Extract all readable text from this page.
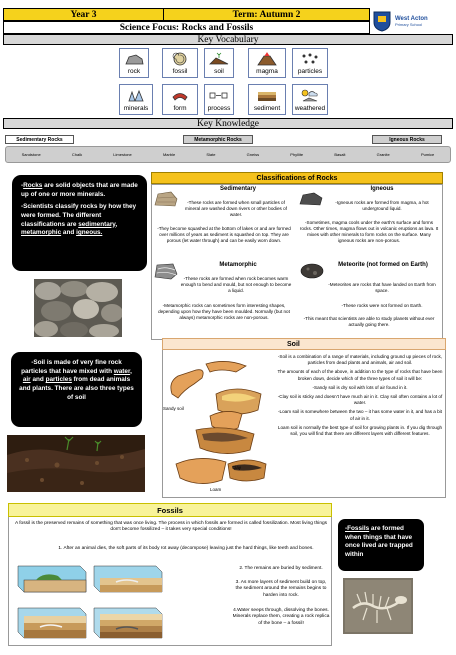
Year 3	Term: Autumn 2
Science Focus: Rocks and Fossils
West Acton
Primary School
Key Vocabulary
rock	fossil	soil	magma	particles
minerals	form	process	sediment weathered
Key Knowledge
Sedimentary Rocks	Metamorphic Rocks	Igneous Rocks
Sandstone	Chalk	Limestone	Marble	Slate	Gneiss	Phyllite	Basalt	Granite	Pumice

-Rocks are solid objects that are made up of one or more minerals.

-Scientists classify rocks by how they were formed. The different classifications are sedimentary, metamorphic and igneous.

Classifications of Rocks
Sedimentary
-These rocks are formed when small particles of mineral are washed down rivers or other bodies of water.
-They become squashed at the bottom of lakes or and are formed over millions of years as sediment is squashed on top. They are porous (let water through) and can be easily worn down.
Igneous
-Igneous rocks are formed from magma, a hot underground liquid.
-Sometimes, magma cools under the earth's surface and forms rocks. Other times, magma flows out in volcanic eruptions as lava. It mixes with other minerals to form rocks on the surface. Many igneous rocks are non-porous.
Metamorphic
-These rocks are formed when rock becomes warm enough to bend and mould, but not enough to become a liquid.
-Metamorphic rocks can sometimes form interesting shapes, depending upon how they have been moulded. Normally (but not always) metamorphic rocks are non-porous.
Meteorite (not formed on Earth)
-Meteorites are rocks that have landed on Earth from space.
-These rocks were not formed on Earth.
-This meant that scientists are able to study planets without ever actually going there.

-Soil is made of very fine rock particles that have mixed with water, air and particles from dead animals and plants. There are also three types of soil

Soil
Sandy soil
Clay
Loam

-Soil is a combination of a range of materials, including ground up pieces of rock, particles from dead plants and animals, air and soil.

The amounts of each of the above, in addition to the type of rocks that have been broken down, decide which of the three types of soil it will be:

-Sandy soil is dry soil with lots of air found in it.

-Clay soil is sticky and doesn't have much air in it. Clay soil often contains a lot of water.

-Loam soil is somewhere between the two – it has some water in it, and has a bit of air in it.

Loam soil is normally the best type of soil for growing plants in. If you dig through soil, you will find that there are different layers with different features.

Fossils
A fossil is the preserved remains of something that was once living. The process in which fossils are formed is called fossilization. Most living things don't become fossilized – it takes very special conditions!
1. After an animal dies, the soft parts of its body rot away (decompose) leaving just the hard things, like teeth and bones.
2. The remains are buried by sediment.
3. As more layers of sediment build on top, the sediment around the remains begins to harden into rock.
4.Water seeps through, dissolving the bones. Minerals replace them, creating a rock replica of the bone – a fossil!

-Fossils are formed when things that have once lived are trapped within
